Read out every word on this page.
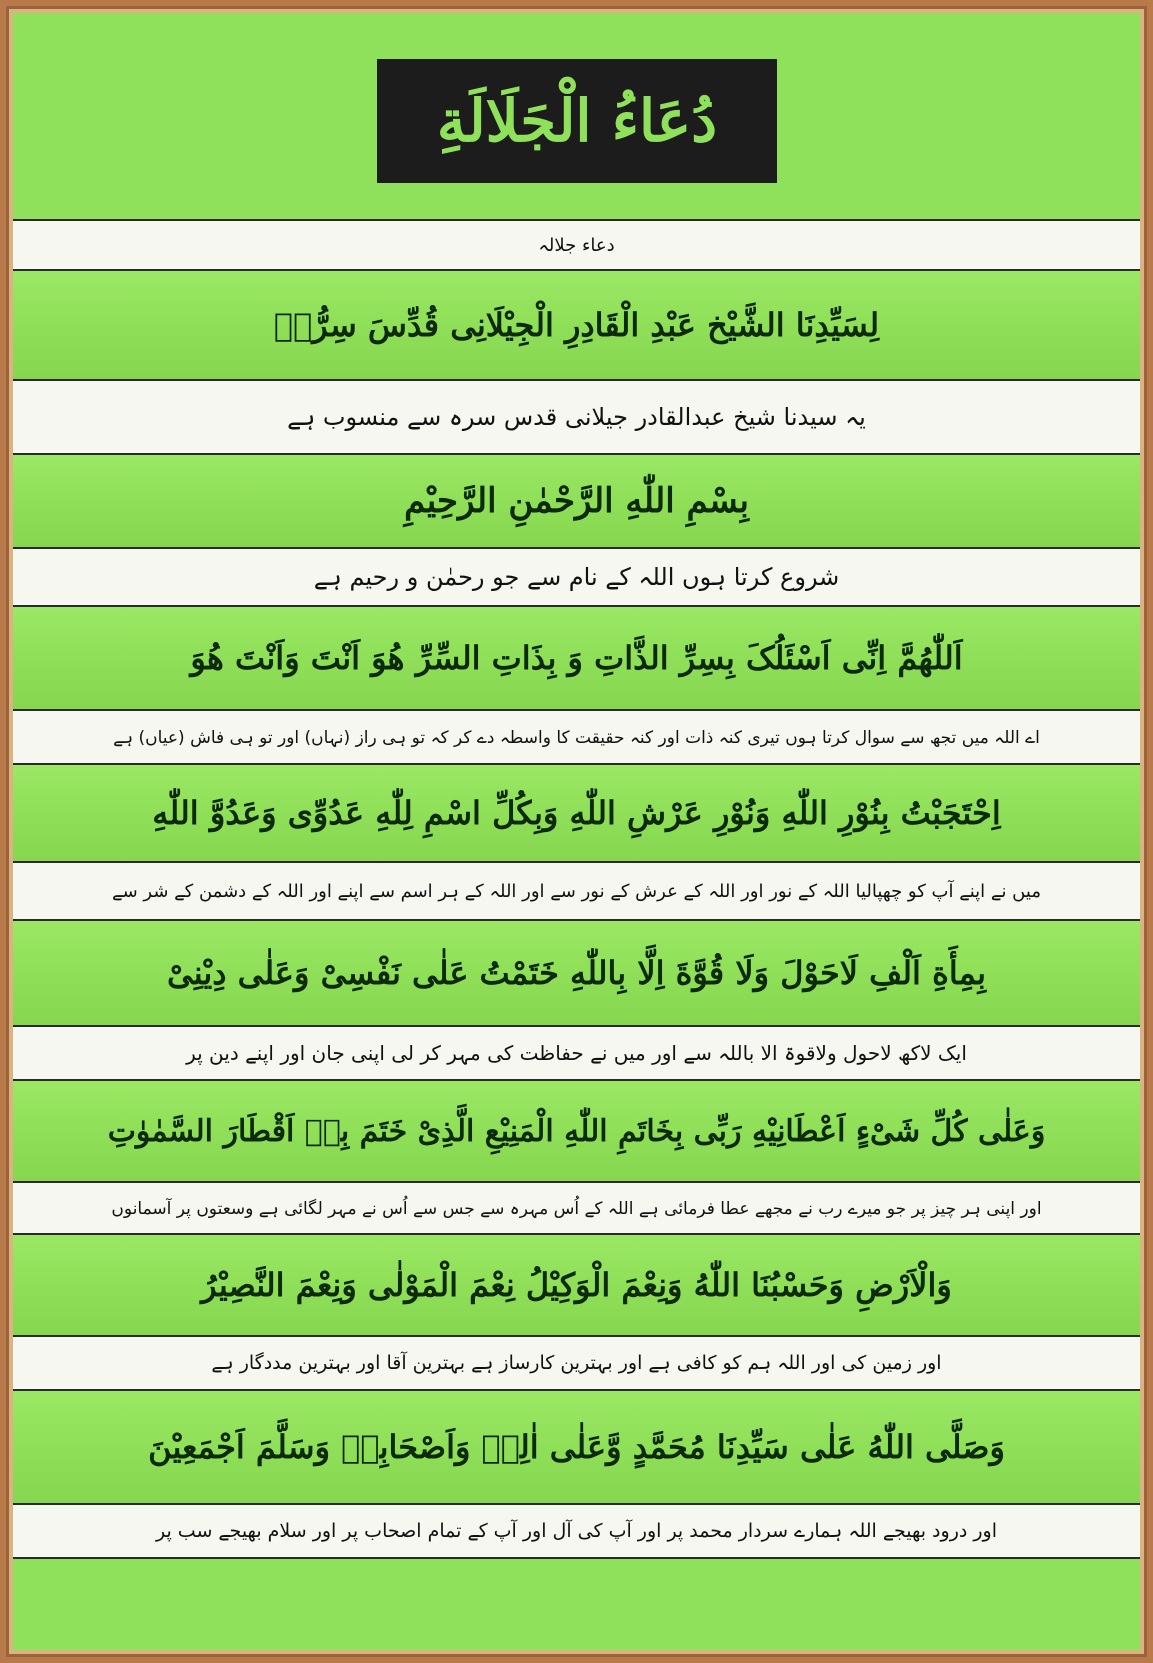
دُعَاءُ الْجَلَالَةِ
دعاء جلالہ
لِسَیِّدِنَا الشَّیْخ عَبْدِ الْقَادِرِ الْجِیْلَانِی قُدِّسَ سِرُّہٗ
یہ سیدنا شیخ عبدالقادر جیلانی قدس سرہ سے منسوب ہے
بِسْمِ اللّٰهِ الرَّحْمٰنِ الرَّحِیْمِ
شروع کرتا ہوں اللہ کے نام سے جو رحمٰن و رحیم ہے
اَللّٰهُمَّ اِنِّی اَسْئَلُکَ بِسِرِّ الذَّاتِ وَ بِذَاتِ السِّرِّ هُوَ اَنْتَ وَاَنْتَ هُوَ
اے اللہ میں تجھ سے سوال کرتا ہوں تیری کنہ ذات اور کنہ حقیقت کا واسطہ دے کر کہ تو ہی راز (نہاں) اور تو ہی فاش (عیاں) ہے
اِحْتَجَبْتُ بِنُوْرِ اللّٰهِ وَنُوْرِ عَرْشِ اللّٰهِ وَبِکُلِّ اسْمِ لِلّٰهِ عَدُوِّی وَعَدُوَّ اللّٰهِ
میں نے اپنے آپ کو چھپالیا اللہ کے نور اور اللہ کے عرش کے نور سے اور اللہ کے ہر اسم سے اپنے اور اللہ کے دشمن کے شر سے
بِمِأَةِ اَلْفِ لَاحَوْلَ وَلَا قُوَّةَ اِلَّا بِاللّٰهِ خَتَمْتُ عَلٰی نَفْسِیْ وَعَلٰی دِیْنِیْ
ایک لاکھ لاحول ولاقوۃ الا باللہ سے اور میں نے حفاظت کی مہر کر لی اپنی جان اور اپنے دین پر
وَعَلٰی کُلِّ شَیْءٍ اَعْطَانِیْهِ رَبِّی بِخَاتَمِ اللّٰهِ الْمَنِیْعِ الَّذِیْ خَتَمَ بِهٖ اَقْطَارَ السَّمٰوٰتِ
اور اپنی ہر چیز پر جو میرے رب نے مجھے عطا فرمائی ہے اللہ کے اُس مہرہ سے جس سے اُس نے مہر لگائی ہے وسعتوں پر آسمانوں
وَالْاَرْضِ وَحَسْبُنَا اللّٰهُ وَنِعْمَ الْوَکِیْلُ نِعْمَ الْمَوْلٰی وَنِعْمَ النَّصِیْرُ
اور زمین کی اور اللہ ہم کو کافی ہے اور بہترین کارساز ہے بہترین آقا اور بہترین مددگار ہے
وَصَلَّی اللّٰهُ عَلٰی سَیِّدِنَا مُحَمَّدٍ وَّعَلٰی اٰلِهٖ وَاَصْحَابِهٖ وَسَلَّمَ اَجْمَعِیْنَ
اور درود بھیجے اللہ ہمارے سردار محمد پر اور آپ کی آل اور آپ کے تمام اصحاب پر اور سلام بھیجے سب پر
